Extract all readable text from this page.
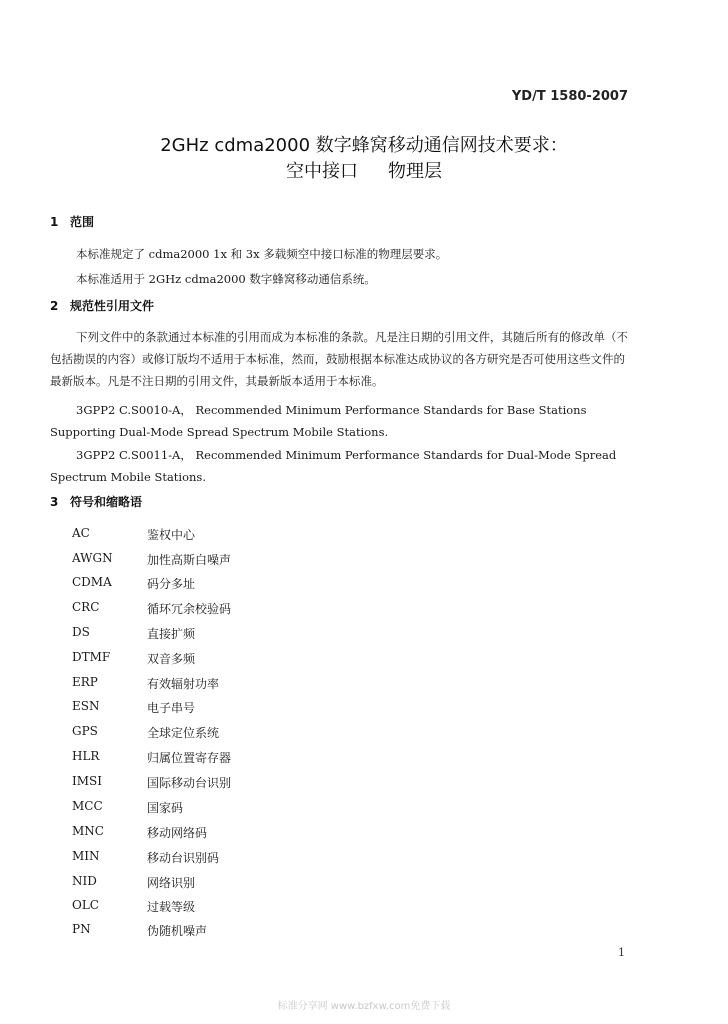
YD/T 1580-2007
2GHz cdma2000 数字蜂窝移动通信网技术要求：
空中接口 物理层
1 范围
本标准规定了 cdma2000 1x 和 3x 多载频空中接口标准的物理层要求。
本标准适用于 2GHz cdma2000 数字蜂窝移动通信系统。
2 规范性引用文件
下列文件中的条款通过本标准的引用而成为本标准的条款。凡是注日期的引用文件，其随后所有的修改单（不包括勘误的内容）或修订版均不适用于本标准，然而，鼓励根据本标准达成协议的各方研究是否可使用这些文件的最新版本。凡是不注日期的引用文件，其最新版本适用于本标准。
3GPP2 C.S0010-A， Recommended Minimum Performance Standards for Base Stations Supporting Dual-Mode Spread Spectrum Mobile Stations.
3GPP2 C.S0011-A， Recommended Minimum Performance Standards for Dual-Mode Spread Spectrum Mobile Stations.
3 符号和缩略语
AC	鉴权中心
AWGN	加性高斯白噪声
CDMA	码分多址
CRC	循环冗余校验码
DS	直接扩频
DTMF	双音多频
ERP	有效辐射功率
ESN	电子串号
GPS	全球定位系统
HLR	归属位置寄存器
IMSI	国际移动台识别
MCC	国家码
MNC	移动网络码
MIN	移动台识别码
NID	网络识别
OLC	过载等级
PN	伪随机噪声
1
标准分享网 www.bzfxw.com免费下载
